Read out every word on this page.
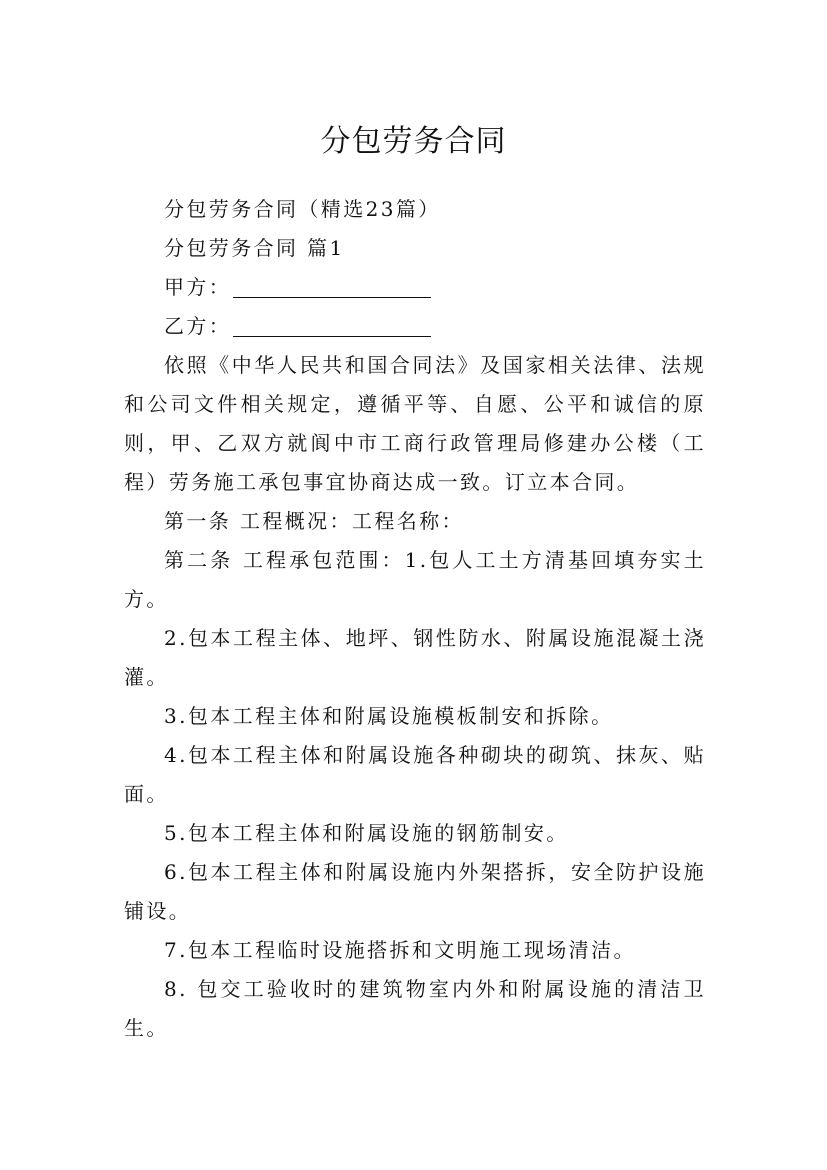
分包劳务合同

分包劳务合同（精选23篇）

分包劳务合同 篇1

甲方：

乙方：

依照《中华人民共和国合同法》及国家相关法律、法规和公司文件相关规定，遵循平等、自愿、公平和诚信的原则，甲、乙双方就阆中市工商行政管理局修建办公楼（工程）劳务施工承包事宜协商达成一致。订立本合同。

第一条 工程概况：工程名称：

第二条 工程承包范围：1.包人工土方清基回填夯实土方。

2.包本工程主体、地坪、钢性防水、附属设施混凝土浇灌。

3.包本工程主体和附属设施模板制安和拆除。

4.包本工程主体和附属设施各种砌块的砌筑、抹灰、贴面。

5.包本工程主体和附属设施的钢筋制安。

6.包本工程主体和附属设施内外架搭拆，安全防护设施铺设。

7.包本工程临时设施搭拆和文明施工现场清洁。

8. 包交工验收时的建筑物室内外和附属设施的清洁卫生。
